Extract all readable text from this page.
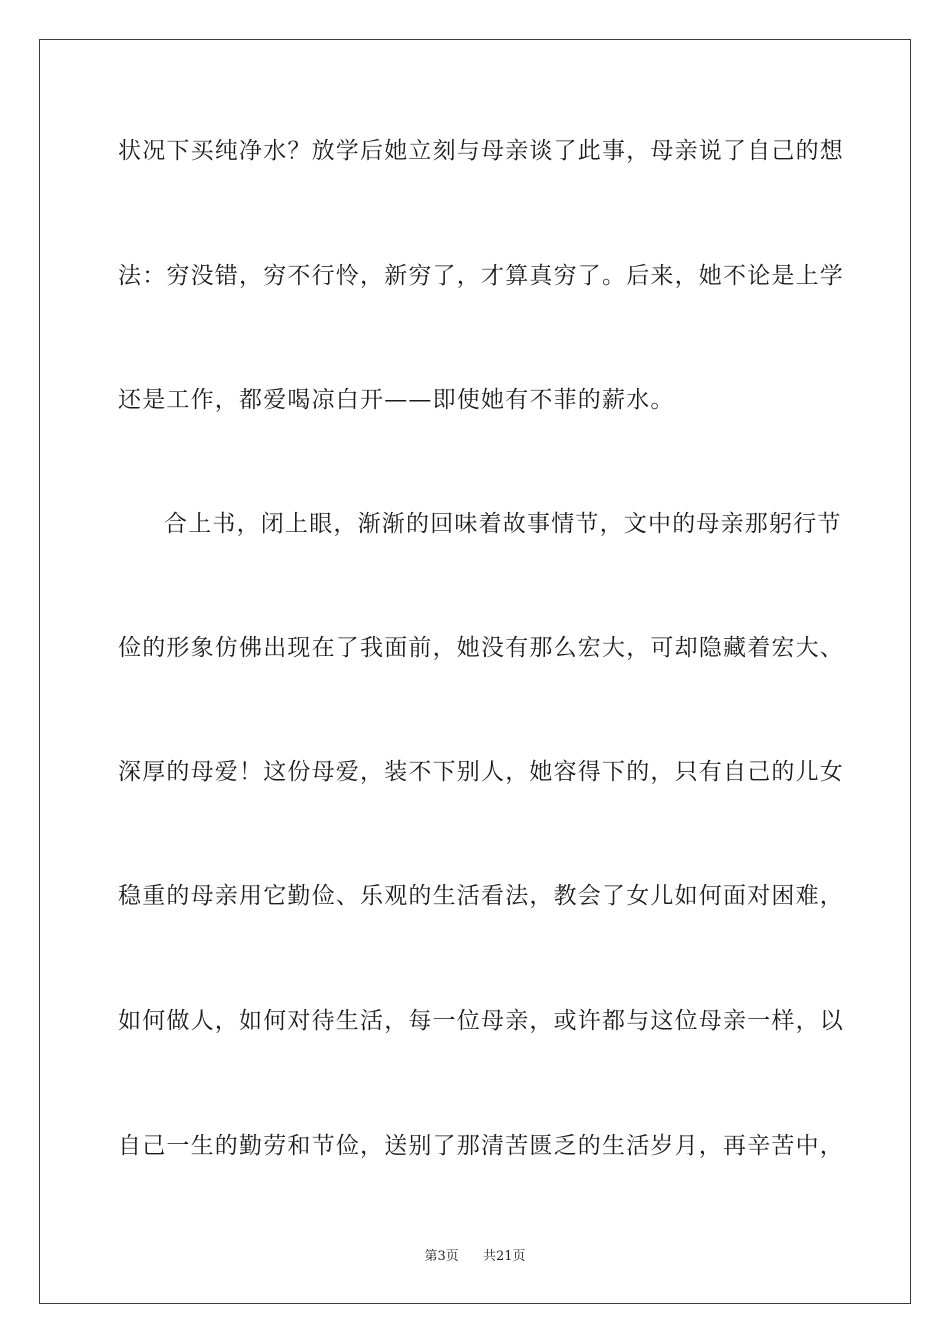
状况下买纯净水？放学后她立刻与母亲谈了此事，母亲说了自己的想
法：穷没错，穷不行怜，新穷了，才算真穷了。后来，她不论是上学
还是工作，都爱喝凉白开——即使她有不菲的薪水。
合上书，闭上眼，渐渐的回味着故事情节，文中的母亲那躬行节
俭的形象仿佛出现在了我面前，她没有那么宏大，可却隐藏着宏大、
深厚的母爱！这份母爱，装不下别人，她容得下的，只有自己的儿女
稳重的母亲用它勤俭、乐观的生活看法，教会了女儿如何面对困难，
如何做人，如何对待生活，每一位母亲，或许都与这位母亲一样，以
自己一生的勤劳和节俭，送别了那清苦匮乏的生活岁月，再辛苦中，
第3页 共21页
